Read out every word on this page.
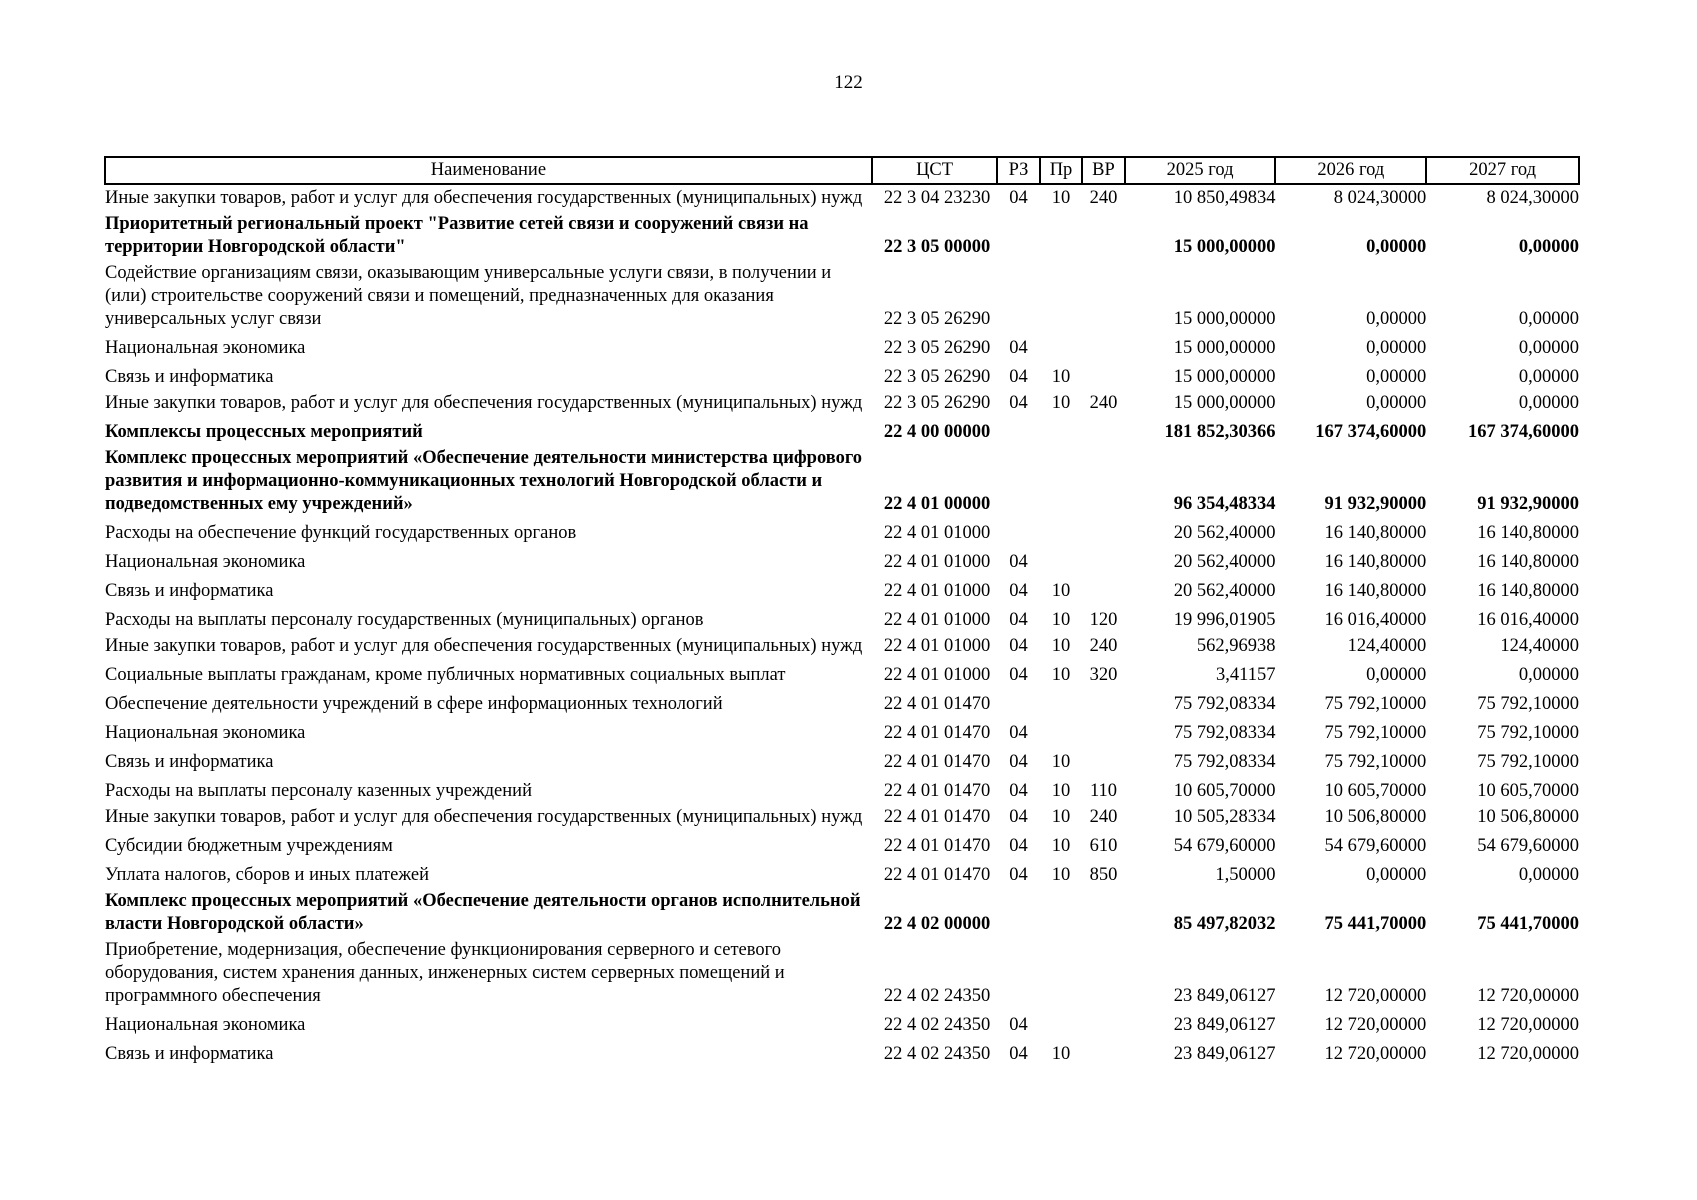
122
Наименование	ЦСТ	РЗ	Пр	ВР	2025 год	2026 год	2027 год
Иные закупки товаров, работ и услуг для обеспечения государственных (муниципальных) нужд	22 3 04 23230	04	10	240	10 850,49834	8 024,30000	8 024,30000
Приоритетный региональный проект "Развитие сетей связи и сооружений связи на территории Новгородской области"	22 3 05 00000				15 000,00000	0,00000	0,00000
Содействие организациям связи, оказывающим универсальные услуги связи, в получении и (или) строительстве сооружений связи и помещений, предназначенных для оказания универсальных услуг связи	22 3 05 26290				15 000,00000	0,00000	0,00000
Национальная экономика	22 3 05 26290	04			15 000,00000	0,00000	0,00000
Связь и информатика	22 3 05 26290	04	10		15 000,00000	0,00000	0,00000
Иные закупки товаров, работ и услуг для обеспечения государственных (муниципальных) нужд	22 3 05 26290	04	10	240	15 000,00000	0,00000	0,00000
Комплексы процессных мероприятий	22 4 00 00000				181 852,30366	167 374,60000	167 374,60000
Комплекс процессных мероприятий «Обеспечение деятельности министерства цифрового развития и информационно-коммуникационных технологий Новгородской области и подведомственных ему учреждений»	22 4 01 00000				96 354,48334	91 932,90000	91 932,90000
Расходы на обеспечение функций государственных органов	22 4 01 01000				20 562,40000	16 140,80000	16 140,80000
Национальная экономика	22 4 01 01000	04			20 562,40000	16 140,80000	16 140,80000
Связь и информатика	22 4 01 01000	04	10		20 562,40000	16 140,80000	16 140,80000
Расходы на выплаты персоналу государственных (муниципальных) органов	22 4 01 01000	04	10	120	19 996,01905	16 016,40000	16 016,40000
Иные закупки товаров, работ и услуг для обеспечения государственных (муниципальных) нужд	22 4 01 01000	04	10	240	562,96938	124,40000	124,40000
Социальные выплаты гражданам, кроме публичных нормативных социальных выплат	22 4 01 01000	04	10	320	3,41157	0,00000	0,00000
Обеспечение деятельности учреждений в сфере информационных технологий	22 4 01 01470				75 792,08334	75 792,10000	75 792,10000
Национальная экономика	22 4 01 01470	04			75 792,08334	75 792,10000	75 792,10000
Связь и информатика	22 4 01 01470	04	10		75 792,08334	75 792,10000	75 792,10000
Расходы на выплаты персоналу казенных учреждений	22 4 01 01470	04	10	110	10 605,70000	10 605,70000	10 605,70000
Иные закупки товаров, работ и услуг для обеспечения государственных (муниципальных) нужд	22 4 01 01470	04	10	240	10 505,28334	10 506,80000	10 506,80000
Субсидии бюджетным учреждениям	22 4 01 01470	04	10	610	54 679,60000	54 679,60000	54 679,60000
Уплата налогов, сборов и иных платежей	22 4 01 01470	04	10	850	1,50000	0,00000	0,00000
Комплекс процессных мероприятий «Обеспечение деятельности органов исполнительной власти Новгородской области»	22 4 02 00000				85 497,82032	75 441,70000	75 441,70000
Приобретение, модернизация, обеспечение функционирования серверного и сетевого оборудования, систем хранения данных, инженерных систем серверных помещений и программного обеспечения	22 4 02 24350				23 849,06127	12 720,00000	12 720,00000
Национальная экономика	22 4 02 24350	04			23 849,06127	12 720,00000	12 720,00000
Связь и информатика	22 4 02 24350	04	10		23 849,06127	12 720,00000	12 720,00000
